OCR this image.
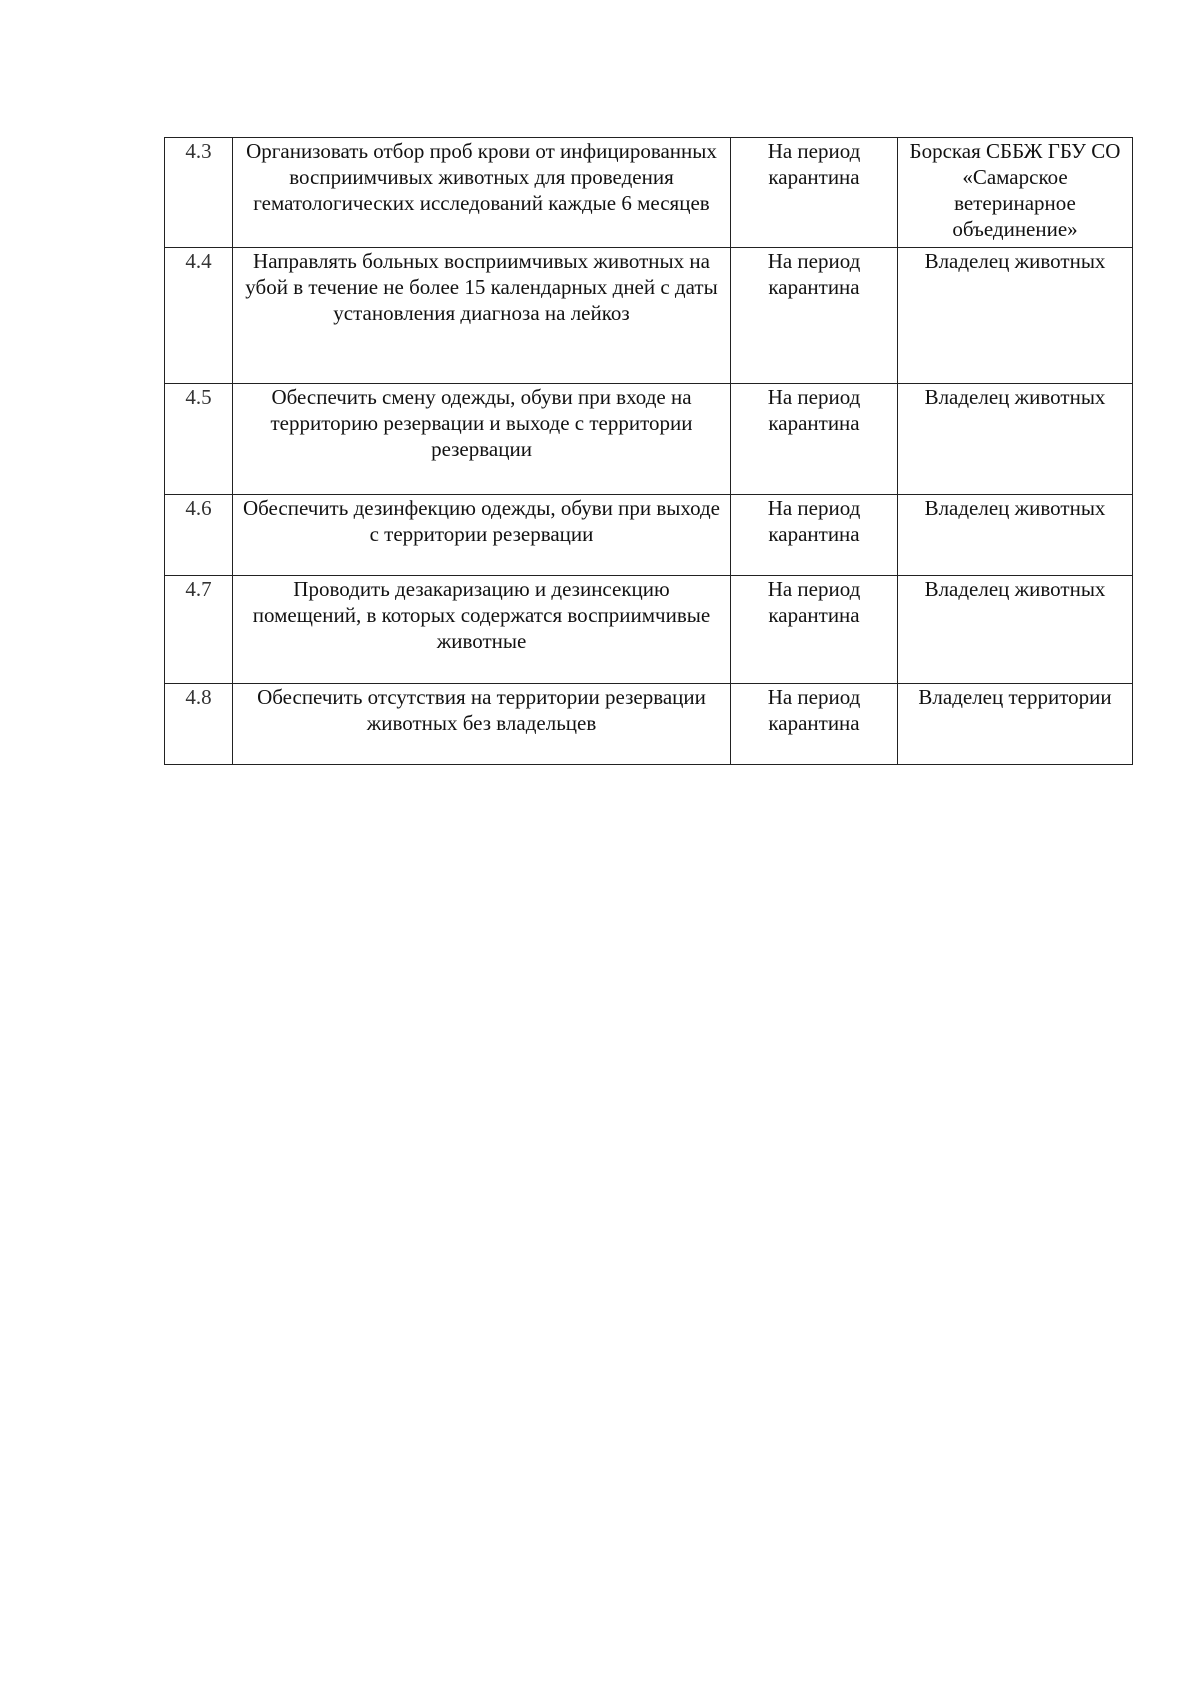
4.3	Организовать отбор проб крови от инфицированных восприимчивых животных для проведения гематологических исследований каждые 6 месяцев	На период карантина	Борская СББЖ ГБУ СО «Самарское ветеринарное объединение»
4.4	Направлять больных восприимчивых животных на убой в течение не более 15 календарных дней с даты установления диагноза на лейкоз	На период карантина	Владелец животных
4.5	Обеспечить смену одежды, обуви при входе на территорию резервации и выходе с территории резервации	На период карантина	Владелец животных
4.6	Обеспечить дезинфекцию одежды, обуви при выходе с территории резервации	На период карантина	Владелец животных
4.7	Проводить дезакаризацию и дезинсекцию помещений, в которых содержатся восприимчивые животные	На период карантина	Владелец животных
4.8	Обеспечить отсутствия на территории резервации животных без владельцев	На период карантина	Владелец территории
